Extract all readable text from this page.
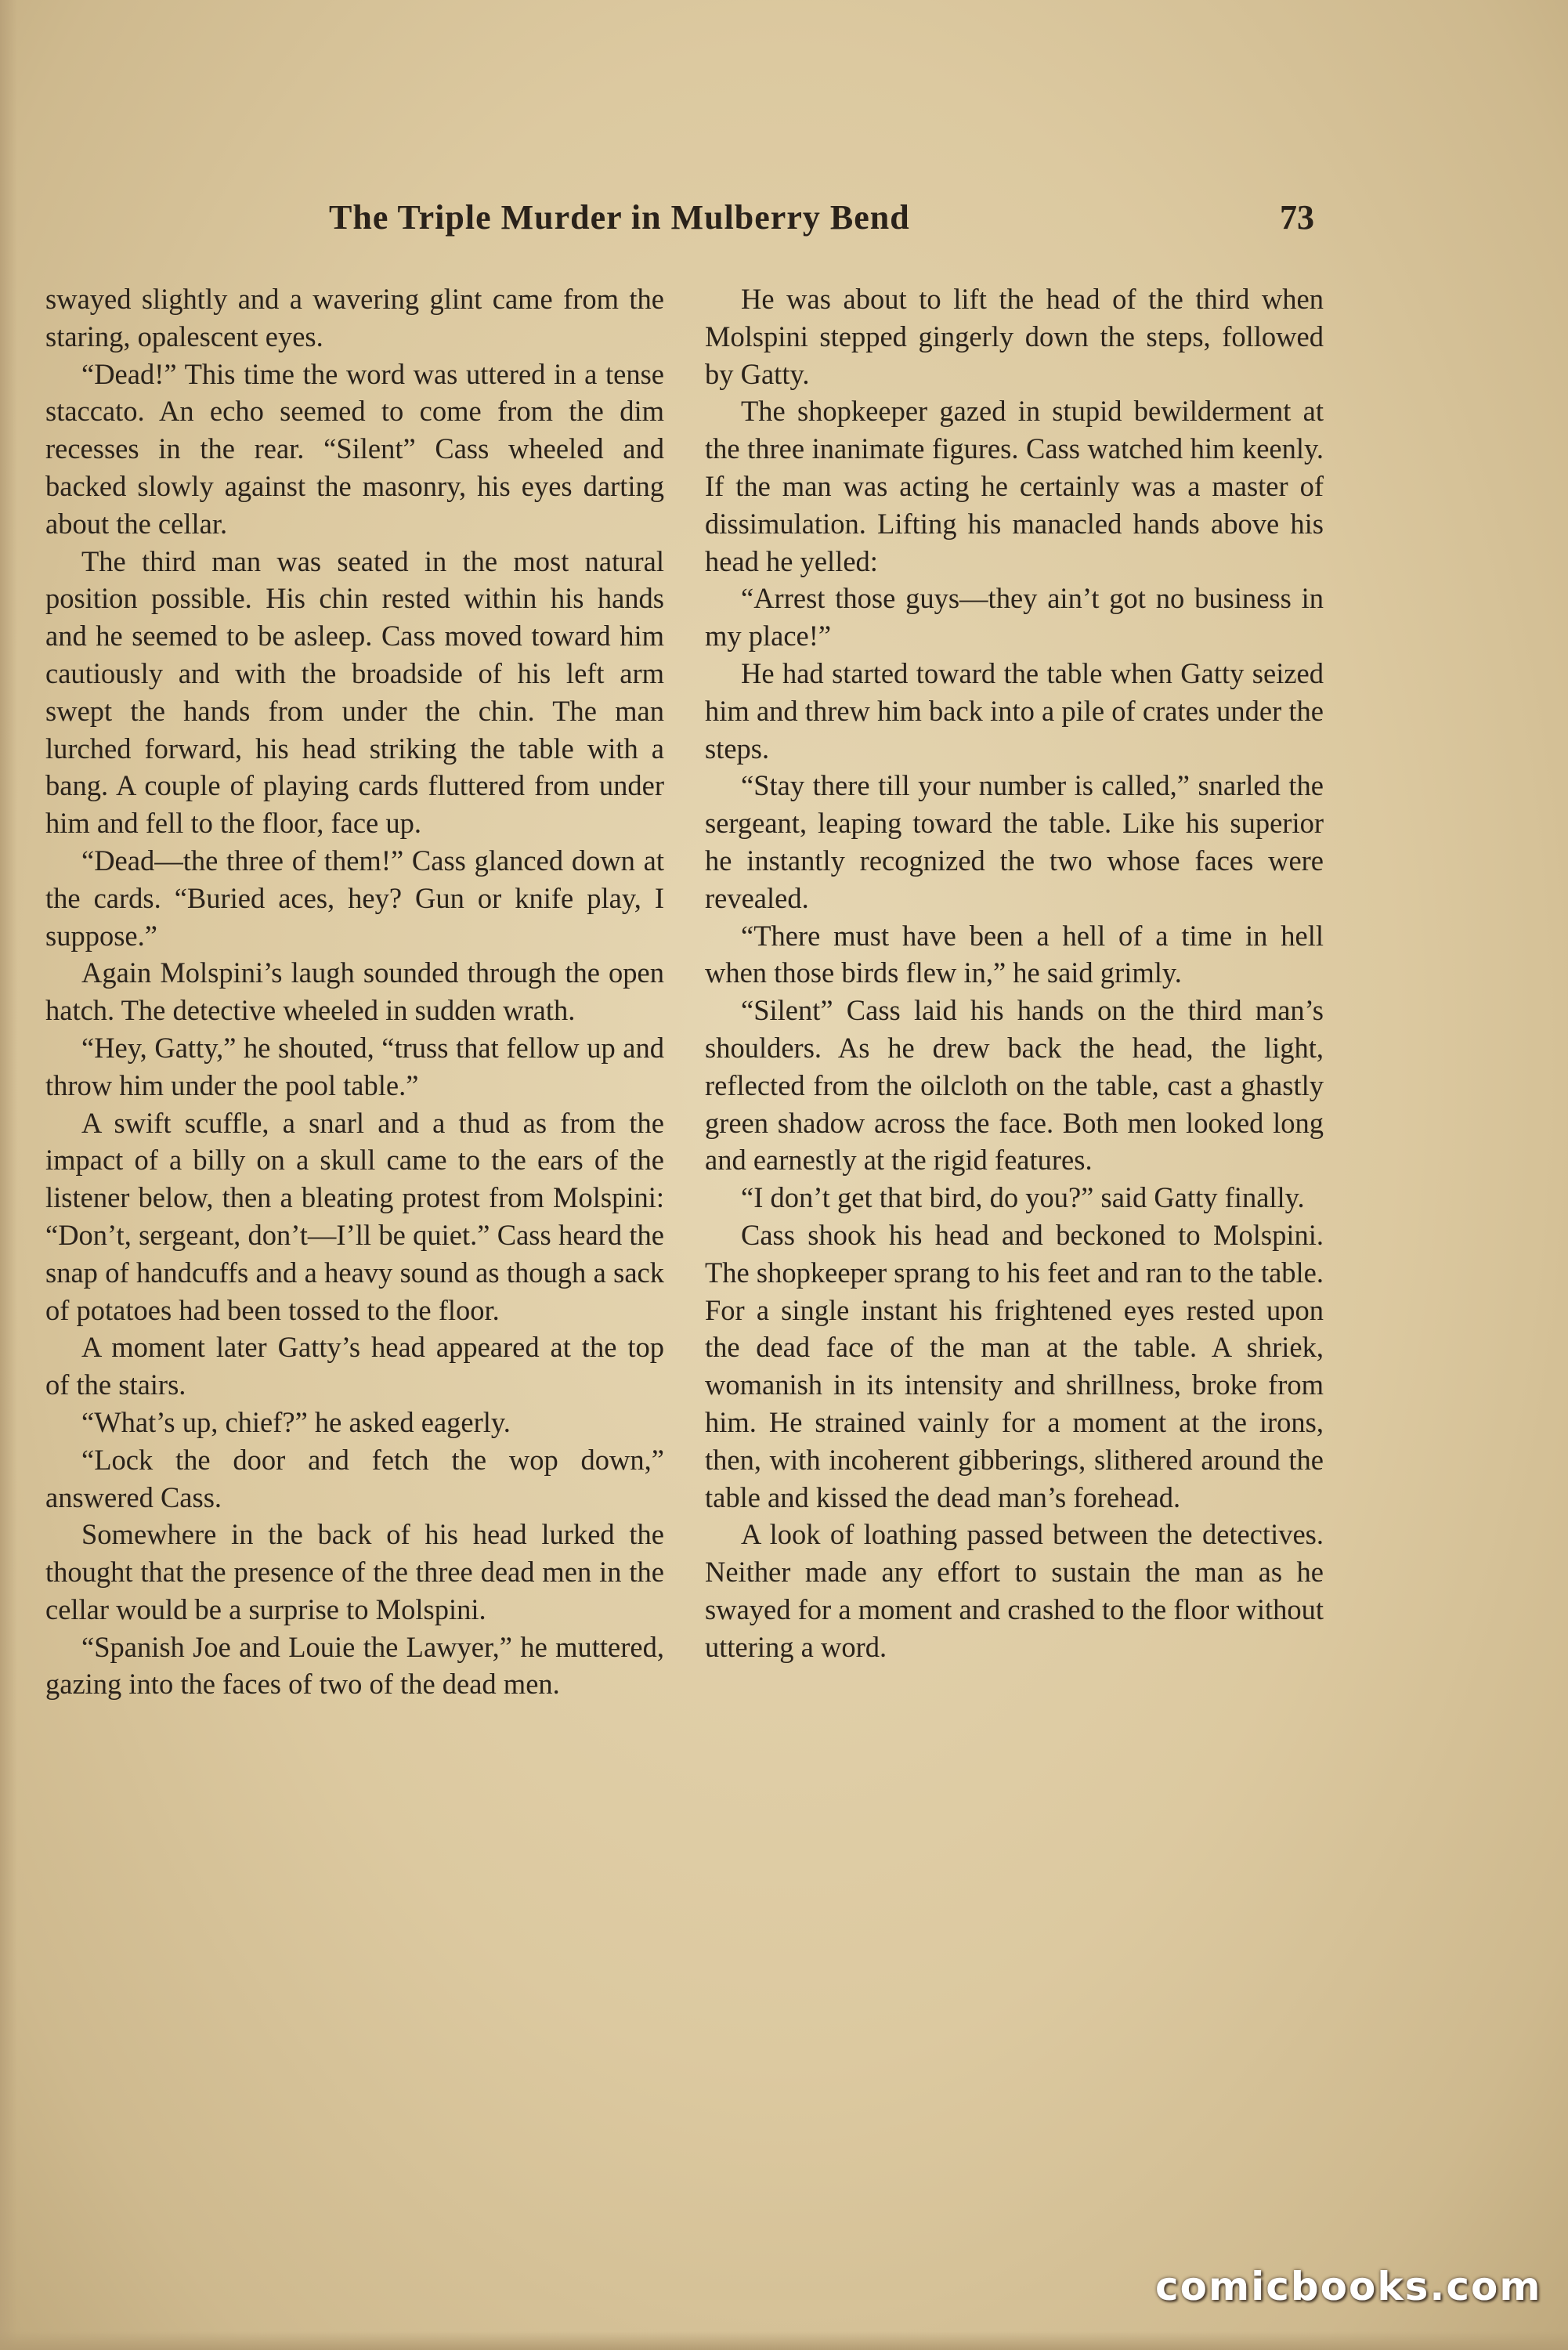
The Triple Murder in Mulberry Bend	73

swayed slightly and a wavering glint came from the staring, opalescent eyes.

“Dead!” This time the word was uttered in a tense staccato. An echo seemed to come from the dim recesses in the rear. “Silent” Cass wheeled and backed slowly against the masonry, his eyes darting about the cellar.

The third man was seated in the most natural position possible. His chin rested within his hands and he seemed to be asleep. Cass moved toward him cautiously and with the broadside of his left arm swept the hands from under the chin. The man lurched forward, his head striking the table with a bang. A couple of playing cards fluttered from under him and fell to the floor, face up.

“Dead—the three of them!” Cass glanced down at the cards. “Buried aces, hey? Gun or knife play, I suppose.”

Again Molspini’s laugh sounded through the open hatch. The detective wheeled in sudden wrath.

“Hey, Gatty,” he shouted, “truss that fellow up and throw him under the pool table.”

A swift scuffle, a snarl and a thud as from the impact of a billy on a skull came to the ears of the listener below, then a bleating protest from Molspini: “Don’t, sergeant, don’t—I’ll be quiet.” Cass heard the snap of handcuffs and a heavy sound as though a sack of potatoes had been tossed to the floor.

A moment later Gatty’s head appeared at the top of the stairs.

“What’s up, chief?” he asked eagerly.

“Lock the door and fetch the wop down,” answered Cass.

Somewhere in the back of his head lurked the thought that the presence of the three dead men in the cellar would be a surprise to Molspini.

“Spanish Joe and Louie the Lawyer,” he muttered, gazing into the faces of two of the dead men.

He was about to lift the head of the third when Molspini stepped gingerly down the steps, followed by Gatty.

The shopkeeper gazed in stupid bewilderment at the three inanimate figures. Cass watched him keenly. If the man was acting he certainly was a master of dissimulation. Lifting his manacled hands above his head he yelled:

“Arrest those guys—they ain’t got no business in my place!”

He had started toward the table when Gatty seized him and threw him back into a pile of crates under the steps.

“Stay there till your number is called,” snarled the sergeant, leaping toward the table. Like his superior he instantly recognized the two whose faces were revealed.

“There must have been a hell of a time in hell when those birds flew in,” he said grimly.

“Silent” Cass laid his hands on the third man’s shoulders. As he drew back the head, the light, reflected from the oilcloth on the table, cast a ghastly green shadow across the face. Both men looked long and earnestly at the rigid features.

“I don’t get that bird, do you?” said Gatty finally.

Cass shook his head and beckoned to Molspini. The shopkeeper sprang to his feet and ran to the table. For a single instant his frightened eyes rested upon the dead face of the man at the table. A shriek, womanish in its intensity and shrillness, broke from him. He strained vainly for a moment at the irons, then, with incoherent gibberings, slithered around the table and kissed the dead man’s forehead.

A look of loathing passed between the detectives. Neither made any effort to sustain the man as he swayed for a moment and crashed to the floor without uttering a word.

comicbooks.com
